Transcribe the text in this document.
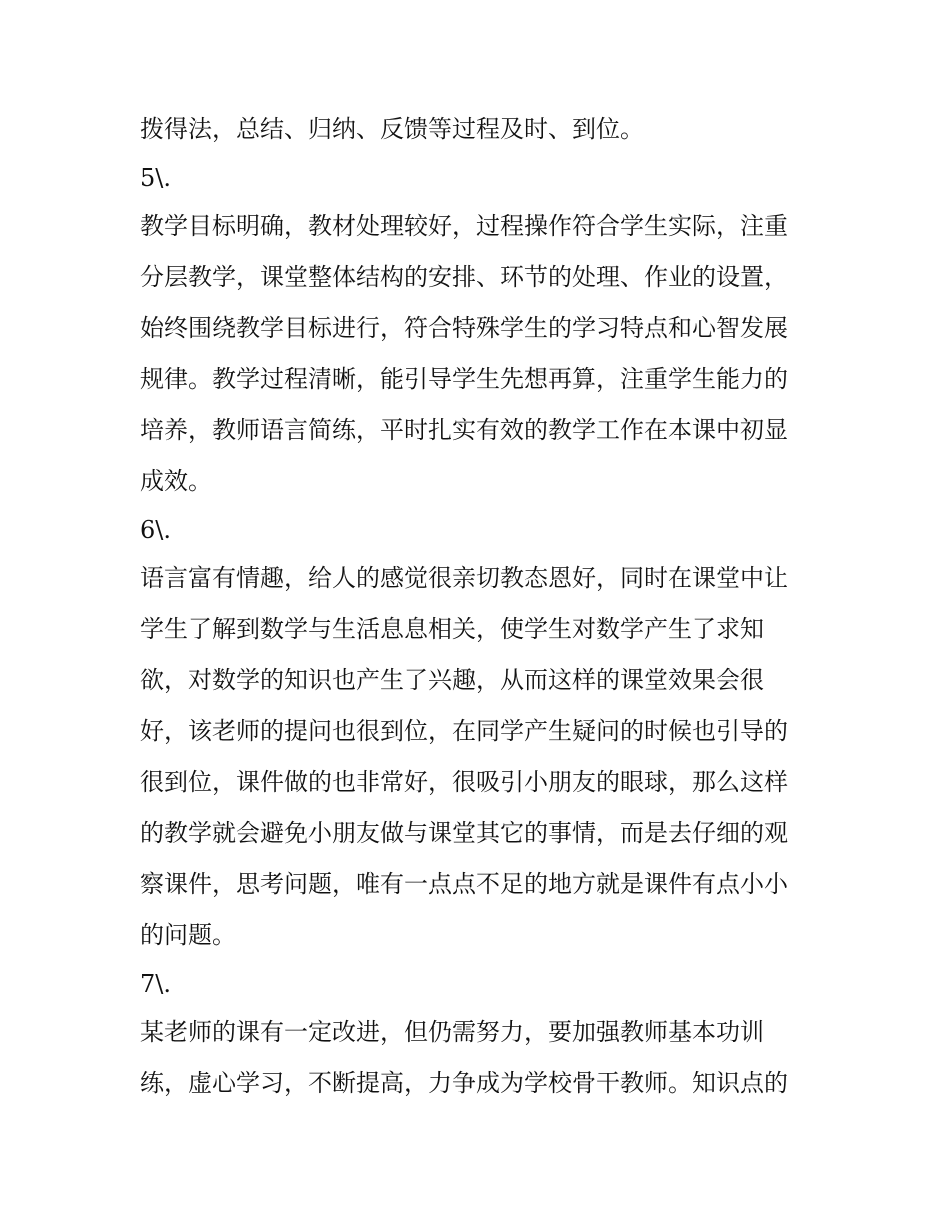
拨得法，总结、归纳、反馈等过程及时、到位。
5\.
教学目标明确，教材处理较好，过程操作符合学生实际，注重
分层教学，课堂整体结构的安排、环节的处理、作业的设置，
始终围绕教学目标进行，符合特殊学生的学习特点和心智发展
规律。教学过程清晰，能引导学生先想再算，注重学生能力的
培养，教师语言简练，平时扎实有效的教学工作在本课中初显
成效。
6\.
语言富有情趣，给人的感觉很亲切教态恩好，同时在课堂中让
学生了解到数学与生活息息相关，使学生对数学产生了求知
欲，对数学的知识也产生了兴趣，从而这样的课堂效果会很
好，该老师的提问也很到位，在同学产生疑问的时候也引导的
很到位，课件做的也非常好，很吸引小朋友的眼球，那么这样
的教学就会避免小朋友做与课堂其它的事情，而是去仔细的观
察课件，思考问题，唯有一点点不足的地方就是课件有点小小
的问题。
7\.
某老师的课有一定改进，但仍需努力，要加强教师基本功训
练，虚心学习，不断提高，力争成为学校骨干教师。知识点的
